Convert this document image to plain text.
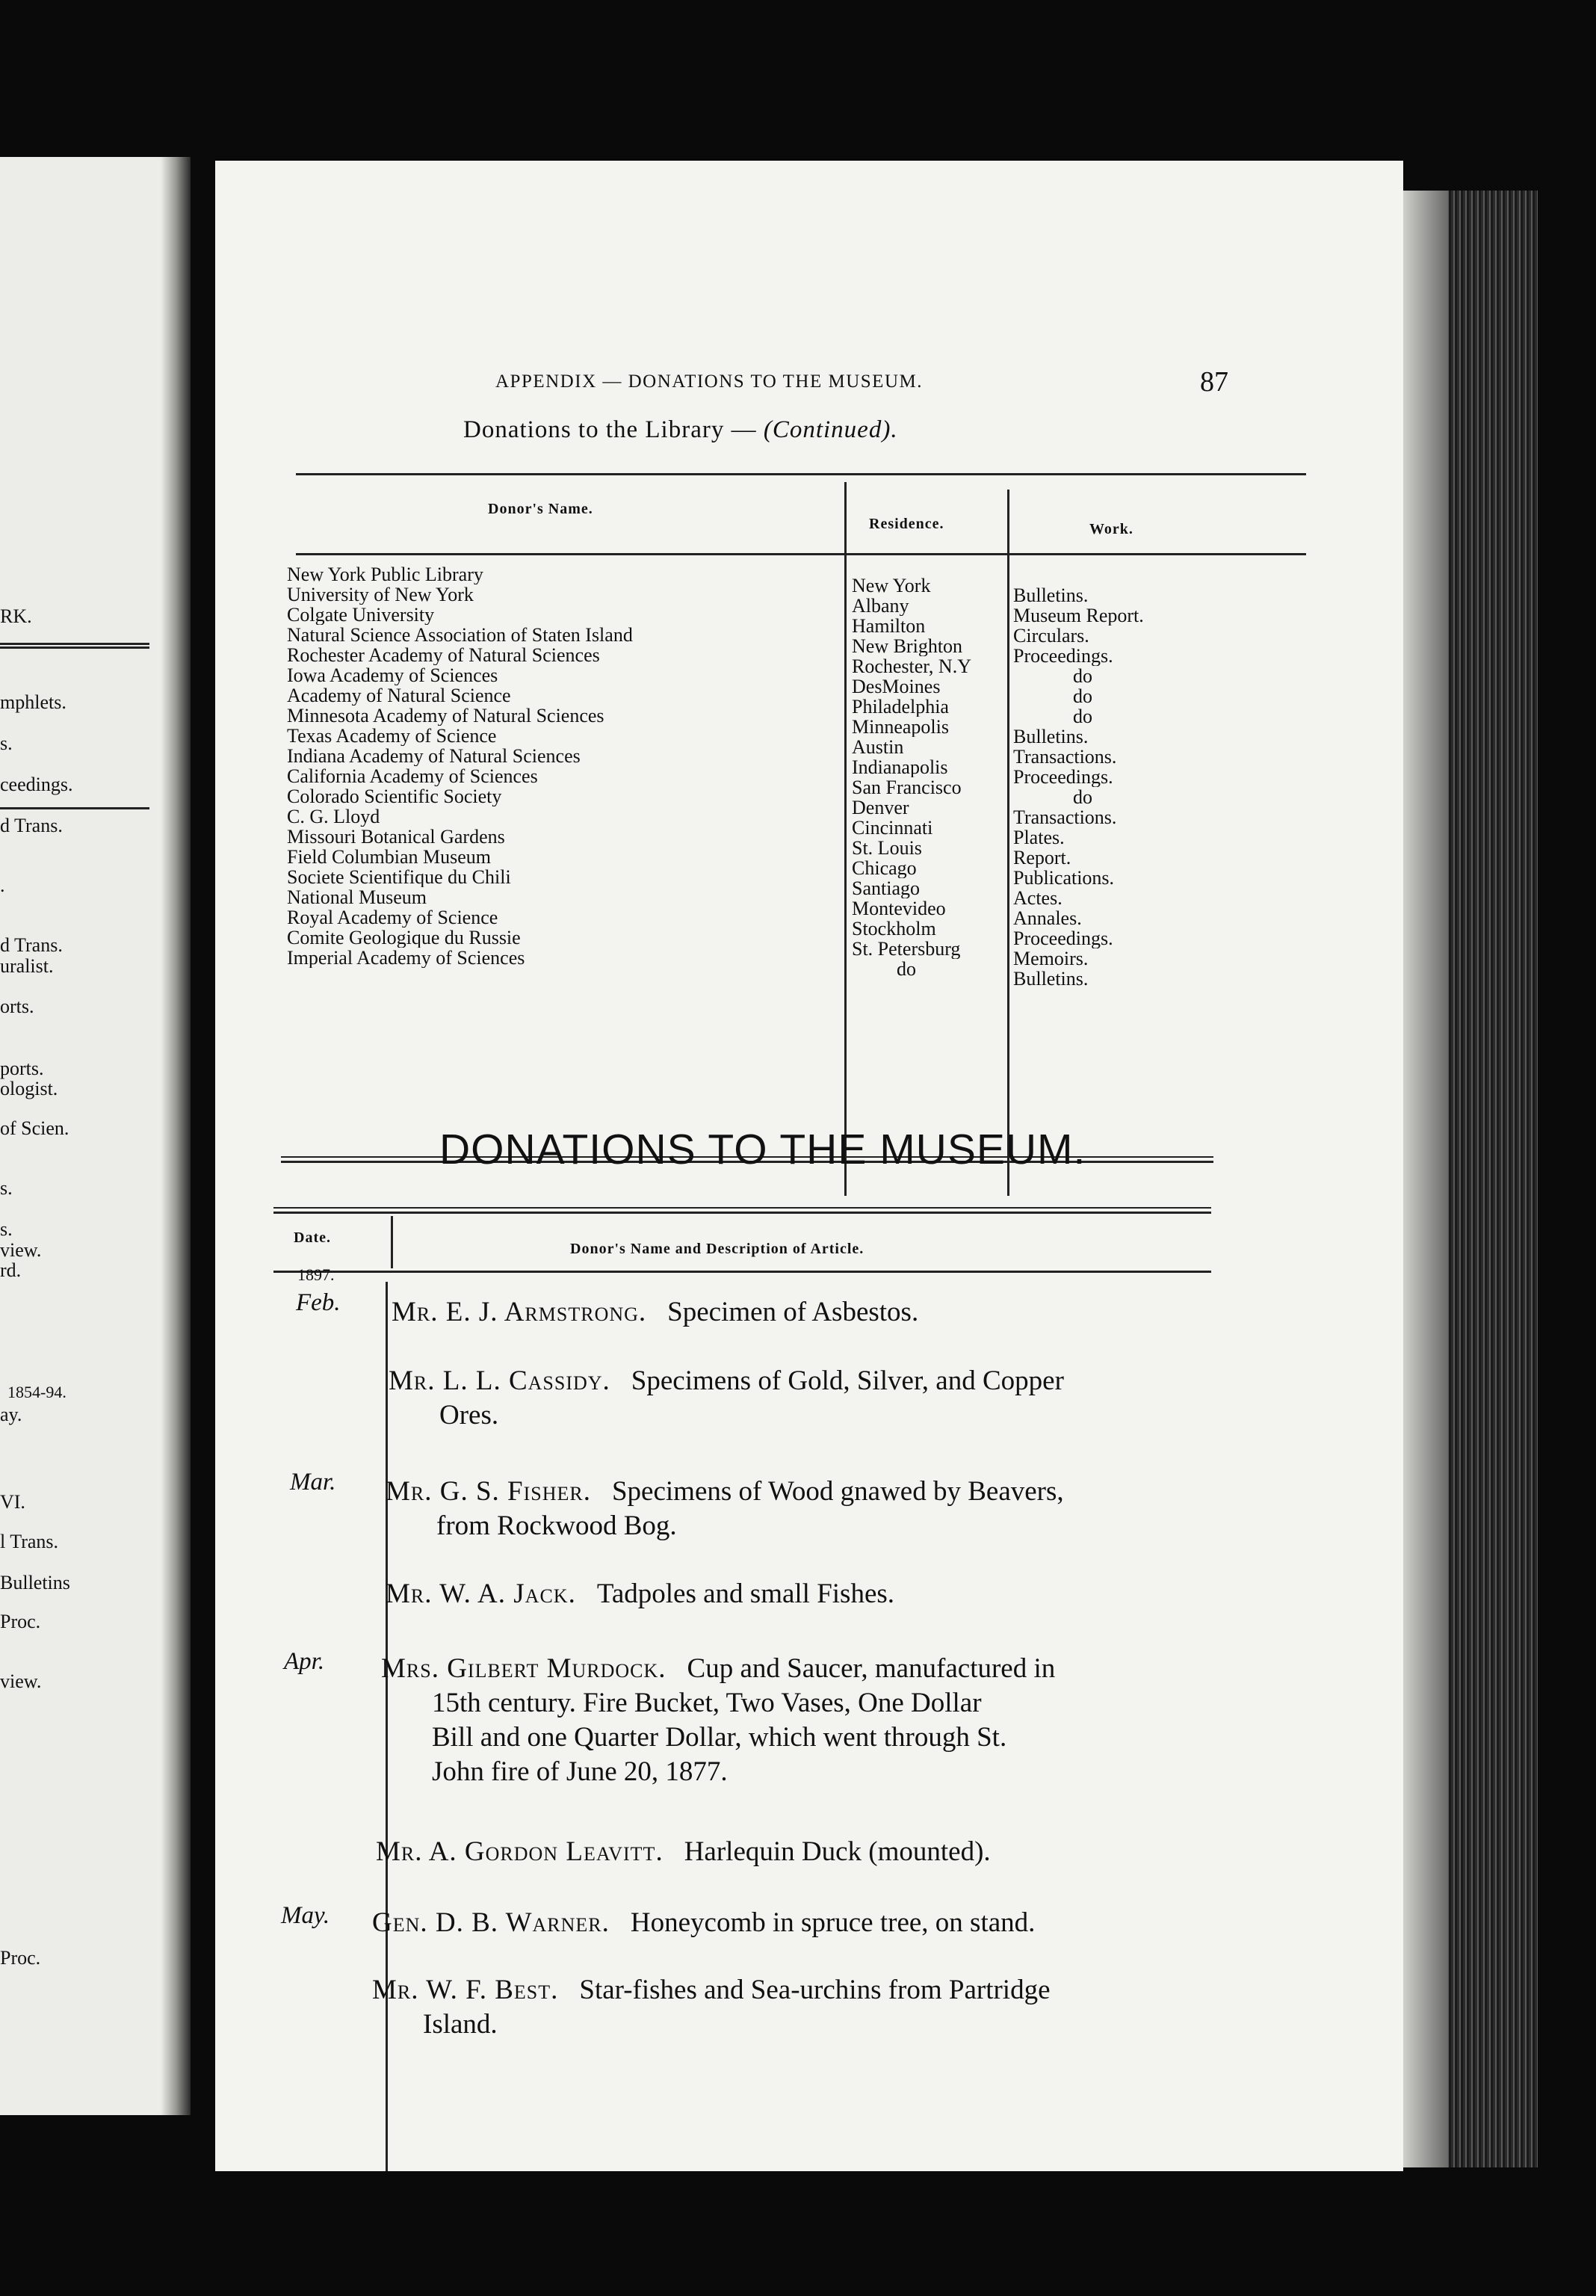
RK.
mphlets.
s.
ceedings.
d Trans.
.
d Trans.
uralist.
orts.
ports.
ologist.
of Scien.
s.
s.
view.
rd.
1854-94.
ay.
VI.
l Trans.
Bulletins
Proc.
view.
Proc.
APPENDIX — DONATIONS TO THE MUSEUM.	87
Donations to the Library — (Continued).
Donor's Name.
Residence.	Work.
New York Public Library
University of New York
Colgate University
Natural Science Association of Staten Island
Rochester Academy of Natural Sciences
Iowa Academy of Sciences
Academy of Natural Science
Minnesota Academy of Natural Sciences
Texas Academy of Science
Indiana Academy of Natural Sciences
California Academy of Sciences
Colorado Scientific Society
C. G. Lloyd
Missouri Botanical Gardens
Field Columbian Museum
Societe Scientifique du Chili
National Museum
Royal Academy of Science
Comite Geologique du Russie
Imperial Academy of Sciences
New York
Albany
Hamilton
New Brighton
Rochester, N.Y
DesMoines
Philadelphia
Minneapolis
Austin
Indianapolis
San Francisco
Denver
Cincinnati
St. Louis
Chicago
Santiago
Montevideo
Stockholm
St. Petersburg
do
Bulletins.
Museum Report.
Circulars.
Proceedings.
do
do
do
Bulletins.
Transactions.
Proceedings.
do
Transactions.
Plates.
Report.
Publications.
Actes.
Annales.
Proceedings.
Memoirs.
Bulletins.
DONATIONS TO THE MUSEUM.
Date.
Donor's Name and Description of Article.
1897.
Feb.
Mar.
Apr.
May.
Mr. E. J. Armstrong. Specimen of Asbestos.
Mr. L. L. Cassidy. Specimens of Gold, Silver, and Copper
Ores.
Mr. G. S. Fisher. Specimens of Wood gnawed by Beavers,
from Rockwood Bog.
Mr. W. A. Jack. Tadpoles and small Fishes.
Mrs. Gilbert Murdock. Cup and Saucer, manufactured in
15th century. Fire Bucket, Two Vases, One Dollar
Bill and one Quarter Dollar, which went through St.
John fire of June 20, 1877.
Mr. A. Gordon Leavitt. Harlequin Duck (mounted).
Gen. D. B. Warner. Honeycomb in spruce tree, on stand.
Mr. W. F. Best. Star-fishes and Sea-urchins from Partridge
Island.
